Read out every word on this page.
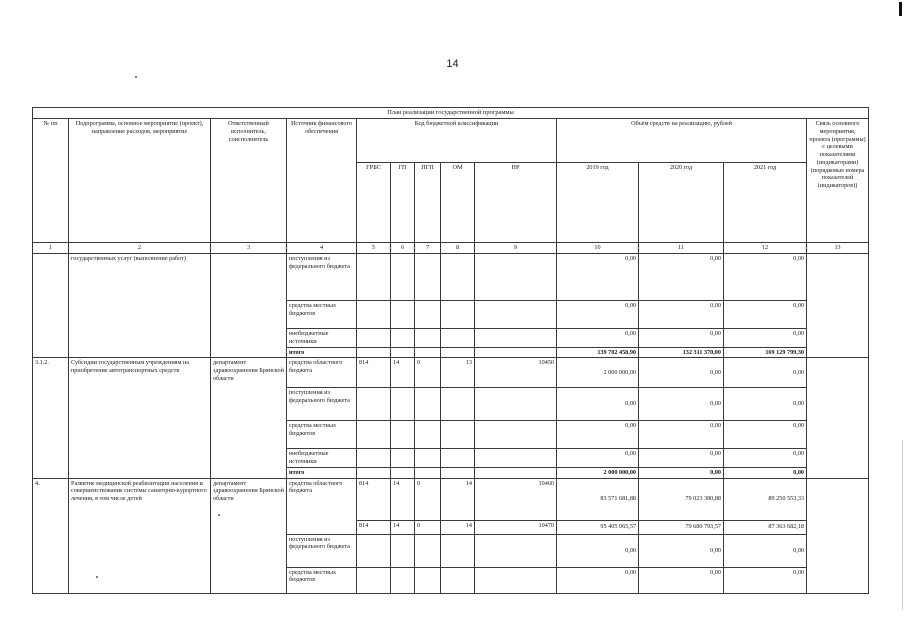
14
План реализации государственной программы												
№ пп	Подпрограмма, основное мероприятие (проект), направление расходов, мероприятие	Ответственный исполнитель, соисполнитель	Источник финансового обеспечения	Код бюджетной классификации					Объём средств на реализацию, рублей			Связь основного мероприятия, проекта (программы) с целевыми показателями (индикаторами) (порядковые номера показателей (индикаторов))
				ГРБС	ГП	ПГП	ОМ	НР	2019 год	2020 год	2021 год	
1	2	3	4	5	6	7	8	9	10	11	12	13
	государственных услуг (выполнение работ)		поступления из федерального бюджета						0,00	0,00	0,00	
			средства местных бюджетов						0,00	0,00	0,00	
			внебюджетные источники						0,00	0,00	0,00	
			итого						139 702 458,90	132 311 370,00	169 129 799,30	
3.1.2.	Субсидии государственным учреждениям на приобретение автотранспортных средств	департамент здравоохранения Брянской области	средства областного бюджета	814	14	0	13	10450	2 000 000,00	0,00	0,00	
			поступления из федерального бюджета						0,00	0,00	0,00	
			средства местных бюджетов						0,00	0,00	0,00	
			внебюджетные источники						0,00	0,00	0,00	
			итого						2 000 000,00	0,00	0,00	
4.	Развитие медицинской реабилитации населения и совершенствование системы санаторно-курортного лечения, в том числе детей	департамент здравоохранения Брянской области	средства областного бюджета	814	14	0	14	10460	83 571 681,88	79 023 380,88	89 250 553,33	
				814	14	0	14	10470	95 405 065,57	79 680 793,57	87 363 682,18	
			поступления из федерального бюджета						0,00	0,00	0,00	
			средства местных бюджетов						0,00	0,00	0,00	
